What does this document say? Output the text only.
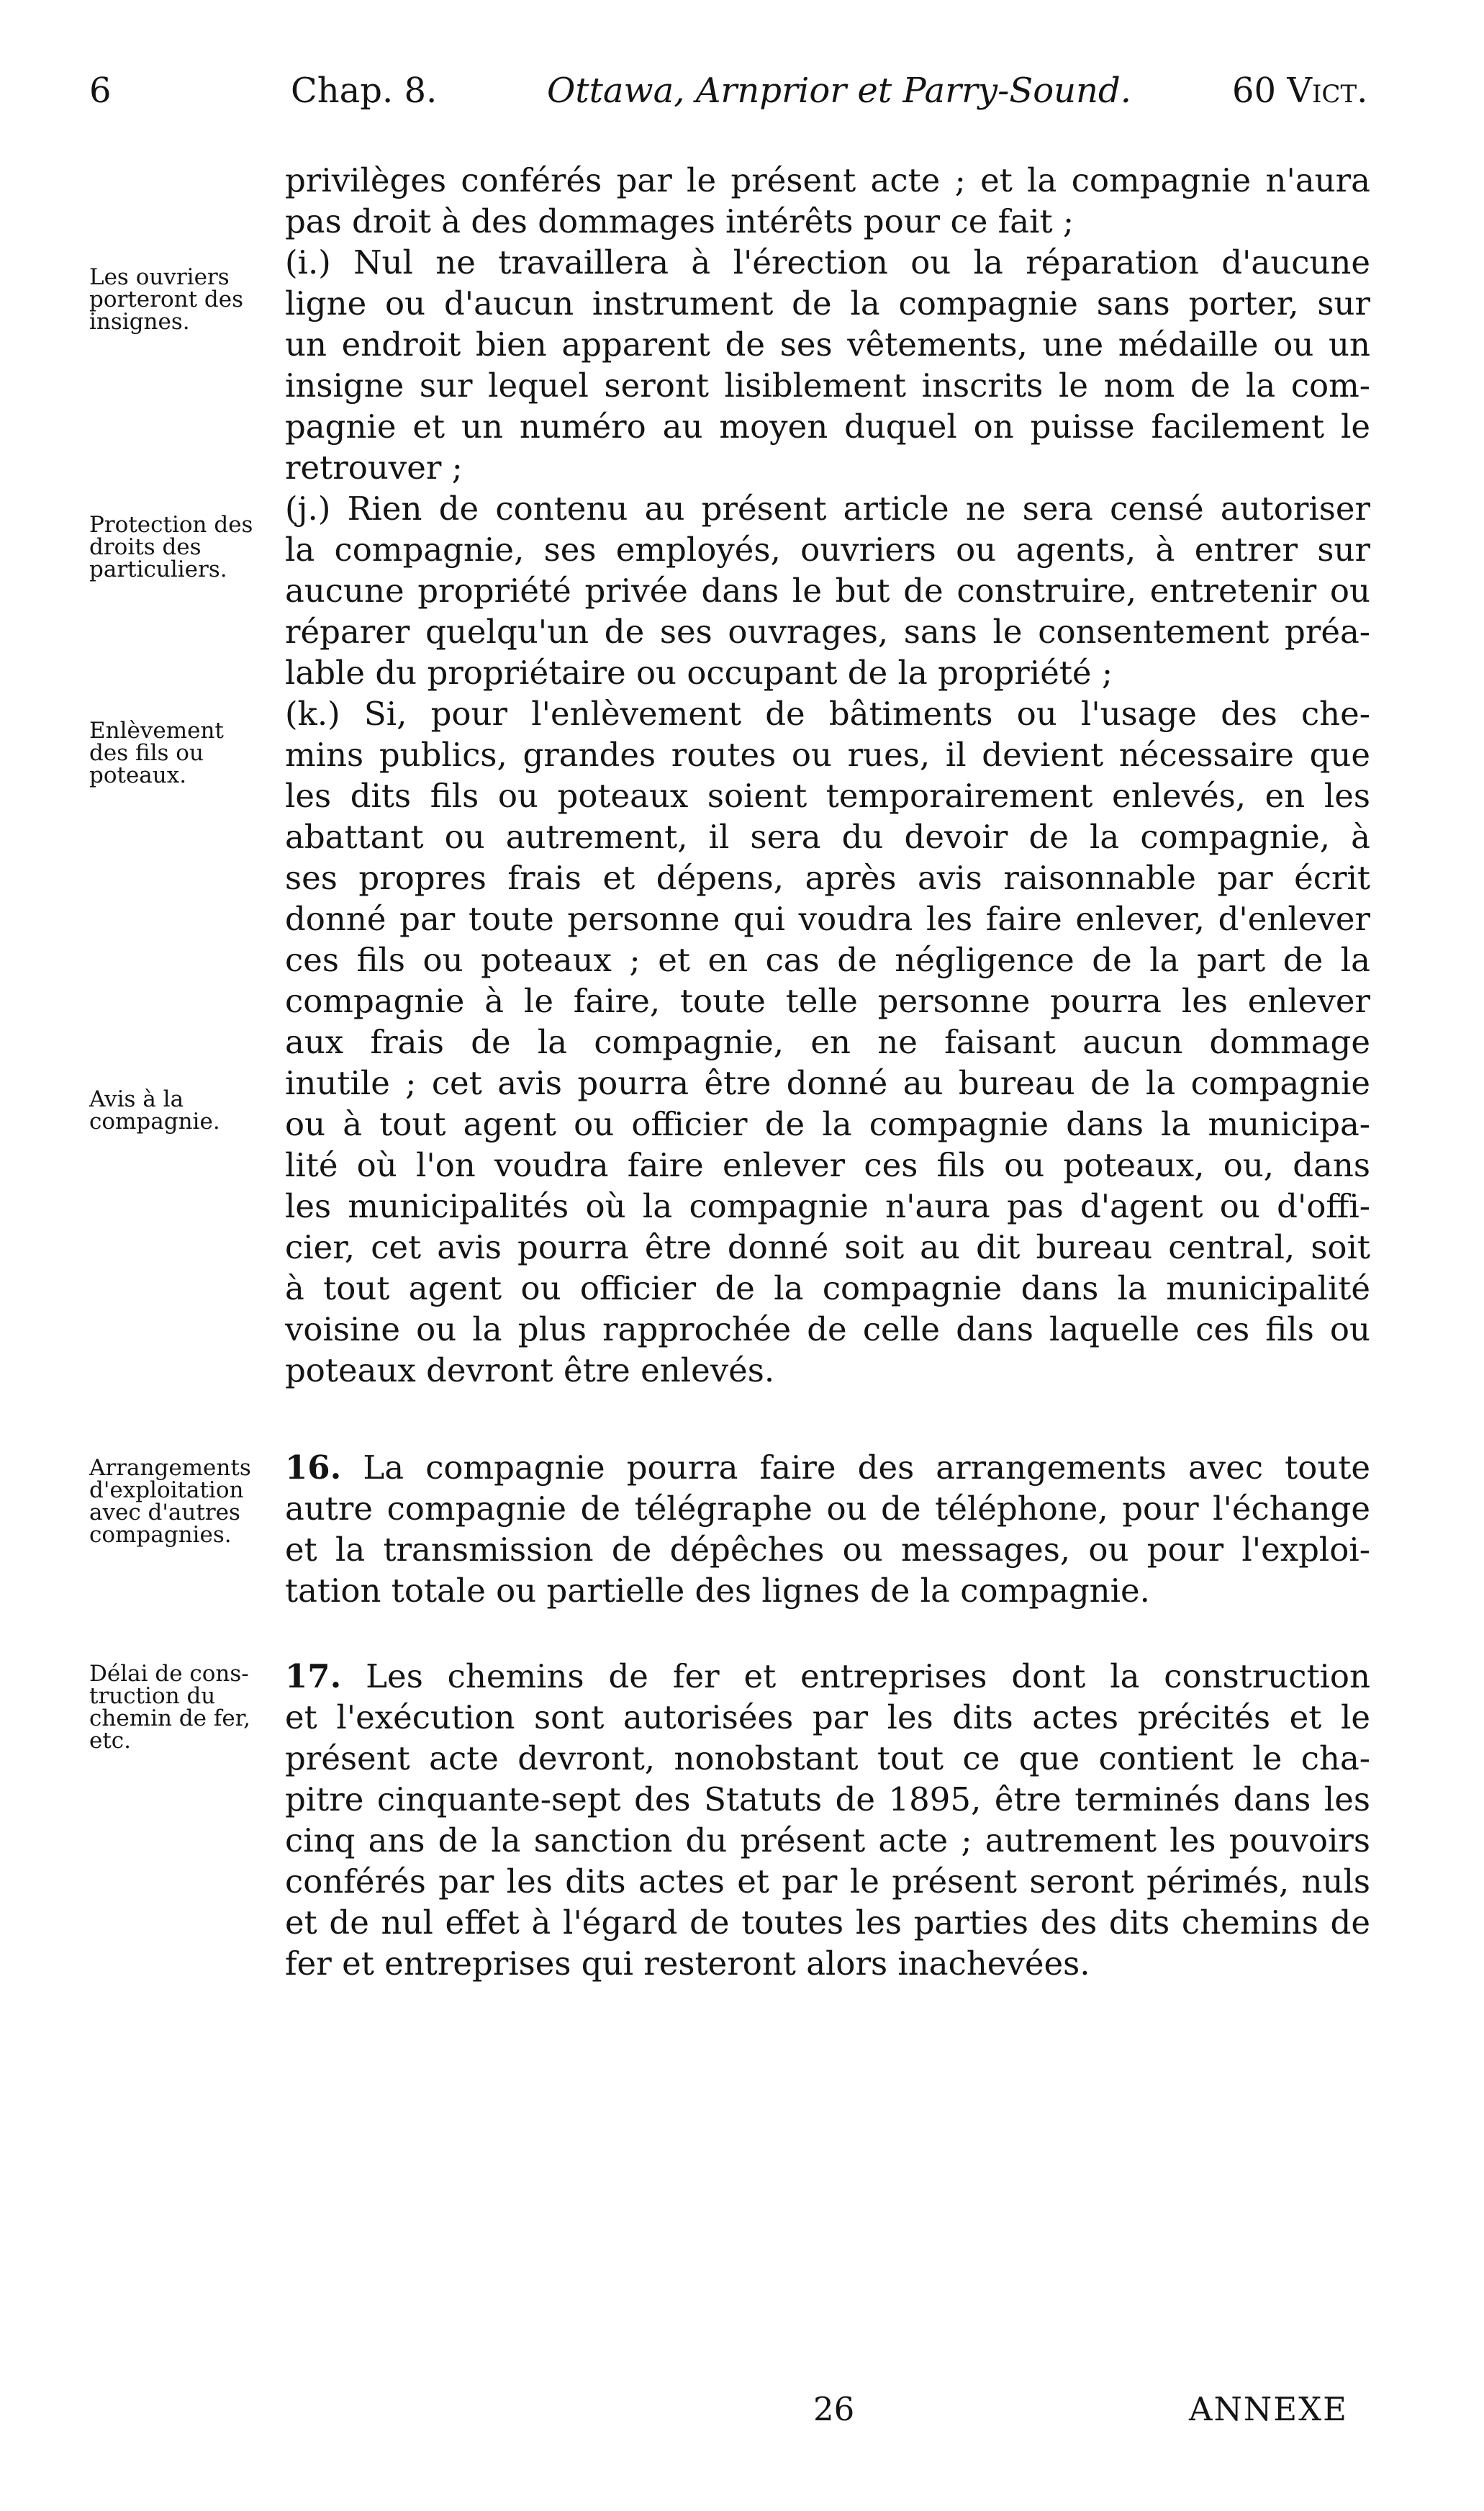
6	Chap. 8.	Ottawa, Arnprior et Parry-Sound.	60 Vict.
Les ouvriers
porteront des
insignes.
Protection des
droits des
particuliers.
Enlèvement
des fils ou
poteaux.
Avis à la
compagnie.
Arrangements
d'exploitation
avec d'autres
compagnies.
Délai de cons-
truction du
chemin de fer,
etc.
privilèges conférés par le présent acte ; et la compagnie n'aura
pas droit à des dommages intérêts pour ce fait ;
(i.) Nul ne travaillera à l'érection ou la réparation d'aucune
ligne ou d'aucun instrument de la compagnie sans porter, sur
un endroit bien apparent de ses vêtements, une médaille ou un
insigne sur lequel seront lisiblement inscrits le nom de la com-
pagnie et un numéro au moyen duquel on puisse facilement le
retrouver ;
(j.) Rien de contenu au présent article ne sera censé autoriser
la compagnie, ses employés, ouvriers ou agents, à entrer sur
aucune propriété privée dans le but de construire, entretenir ou
réparer quelqu'un de ses ouvrages, sans le consentement préa-
lable du propriétaire ou occupant de la propriété ;
(k.) Si, pour l'enlèvement de bâtiments ou l'usage des che-
mins publics, grandes routes ou rues, il devient nécessaire que
les dits fils ou poteaux soient temporairement enlevés, en les
abattant ou autrement, il sera du devoir de la compagnie, à
ses propres frais et dépens, après avis raisonnable par écrit
donné par toute personne qui voudra les faire enlever, d'enlever
ces fils ou poteaux ; et en cas de négligence de la part de la
compagnie à le faire, toute telle personne pourra les enlever
aux frais de la compagnie, en ne faisant aucun dommage
inutile ; cet avis pourra être donné au bureau de la compagnie
ou à tout agent ou officier de la compagnie dans la municipa-
lité où l'on voudra faire enlever ces fils ou poteaux, ou, dans
les municipalités où la compagnie n'aura pas d'agent ou d'offi-
cier, cet avis pourra être donné soit au dit bureau central, soit
à tout agent ou officier de la compagnie dans la municipalité
voisine ou la plus rapprochée de celle dans laquelle ces fils ou
poteaux devront être enlevés.
16. La compagnie pourra faire des arrangements avec toute
autre compagnie de télégraphe ou de téléphone, pour l'échange
et la transmission de dépêches ou messages, ou pour l'exploi-
tation totale ou partielle des lignes de la compagnie.
17. Les chemins de fer et entreprises dont la construction
et l'exécution sont autorisées par les dits actes précités et le
présent acte devront, nonobstant tout ce que contient le cha-
pitre cinquante-sept des Statuts de 1895, être terminés dans les
cinq ans de la sanction du présent acte ; autrement les pouvoirs
conférés par les dits actes et par le présent seront périmés, nuls
et de nul effet à l'égard de toutes les parties des dits chemins de
fer et entreprises qui resteront alors inachevées.
26	ANNEXE
